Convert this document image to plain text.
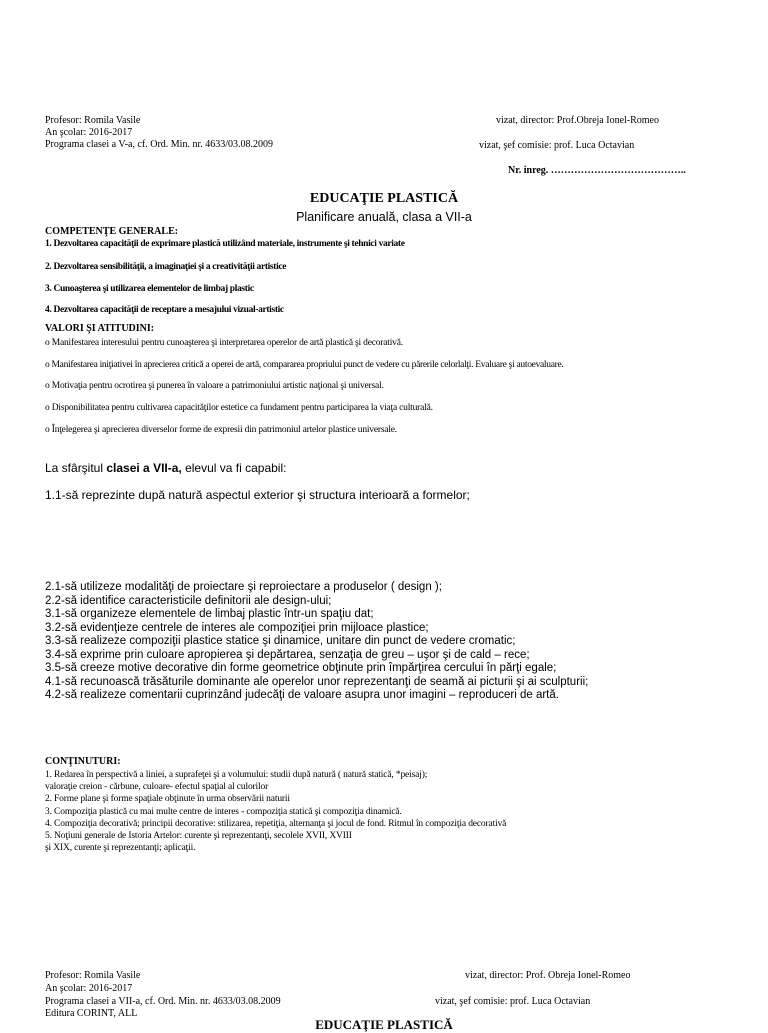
Profesor: Romila Vasile
An şcolar: 2016-2017
Programa clasei a V-a, cf. Ord. Min. nr. 4633/03.08.2009
vizat, director: Prof.Obreja Ionel-Romeo
vizat, şef comisie: prof. Luca Octavian
Nr. inreg. …………………………………..
EDUCAŢIE PLASTICĂ
Planificare anuală, clasa a VII-a
COMPETENŢE GENERALE:
1. Dezvoltarea capacităţii de exprimare plastică utilizând materiale, instrumente şi tehnici variate
2. Dezvoltarea sensibilităţii, a imaginaţiei şi a creativităţii artistice
3. Cunoaşterea şi utilizarea elementelor de limbaj plastic
4. Dezvoltarea capacităţii de receptare a mesajului vizual-artistic
VALORI ŞI ATITUDINI:
o Manifestarea interesului pentru cunoaşterea şi interpretarea operelor de artă plastică şi decorativă.
o Manifestarea iniţiativei în aprecierea critică a operei de artă, compararea propriului punct de vedere cu părerile celorlalţi. Evaluare şi autoevaluare.
o Motivaţia pentru ocrotirea şi punerea în valoare a patrimoniului artistic naţional şi universal.
o Disponibilitatea pentru cultivarea capacităţilor estetice ca fundament pentru participarea la viaţa culturală.
o Înţelegerea şi aprecierea diverselor forme de expresii din patrimoniul artelor plastice universale.
La sfârşitul clasei a VII-a, elevul va fi capabil:
1.1-să reprezinte după natură aspectul exterior şi structura interioară a formelor;
2.1-să utilizeze modalităţi de proiectare şi reproiectare a produselor ( design );
2.2-să identifice caracteristicile definitorii ale design-ului;
3.1-să organizeze elementele de limbaj plastic într-un spaţiu dat;
3.2-să evidenţieze centrele de interes ale compoziţiei prin mijloace plastice;
3.3-să realizeze compoziţii plastice statice şi dinamice, unitare din punct de vedere cromatic;
3.4-să exprime prin culoare apropierea şi depărtarea, senzaţia de greu – uşor şi de cald – rece;
3.5-să creeze motive decorative din forme geometrice obţinute prin împărţirea cercului în părţi egale;
4.1-să recunoască trăsăturile dominante ale operelor unor reprezentanţi de seamă ai picturii şi ai sculpturii;
4.2-să realizeze comentarii cuprinzând judecăţi de valoare asupra unor imagini – reproduceri de artă.
CONŢINUTURI:
1. Redarea în perspectivă a liniei, a suprafeţei şi a volumului: studii după natură ( natură statică, *peisaj);
valoraţie creion - cărbune, culoare- efectul spaţial al culorilor
2. Forme plane şi forme spaţiale obţinute în urma observării naturii
3. Compoziţia plastică cu mai multe centre de interes - compoziţia statică şi compoziţia dinamică.
4. Compoziţia decorativă; principii decorative: stilizarea, repetiţia, alternanţa şi jocul de fond. Ritmul în compoziţia decorativă
5. Noţiuni generale de Istoria Artelor: curente şi reprezentanţi, secolele XVII, XVIII
şi XIX, curente şi reprezentanţi; aplicaţii.
Profesor: Romila Vasile
An şcolar: 2016-2017
Programa clasei a VII-a, cf. Ord. Min. nr. 4633/03.08.2009
Editura CORINT, ALL
vizat, director: Prof. Obreja Ionel-Romeo
vizat, şef comisie: prof. Luca Octavian
EDUCAŢIE PLASTICĂ
